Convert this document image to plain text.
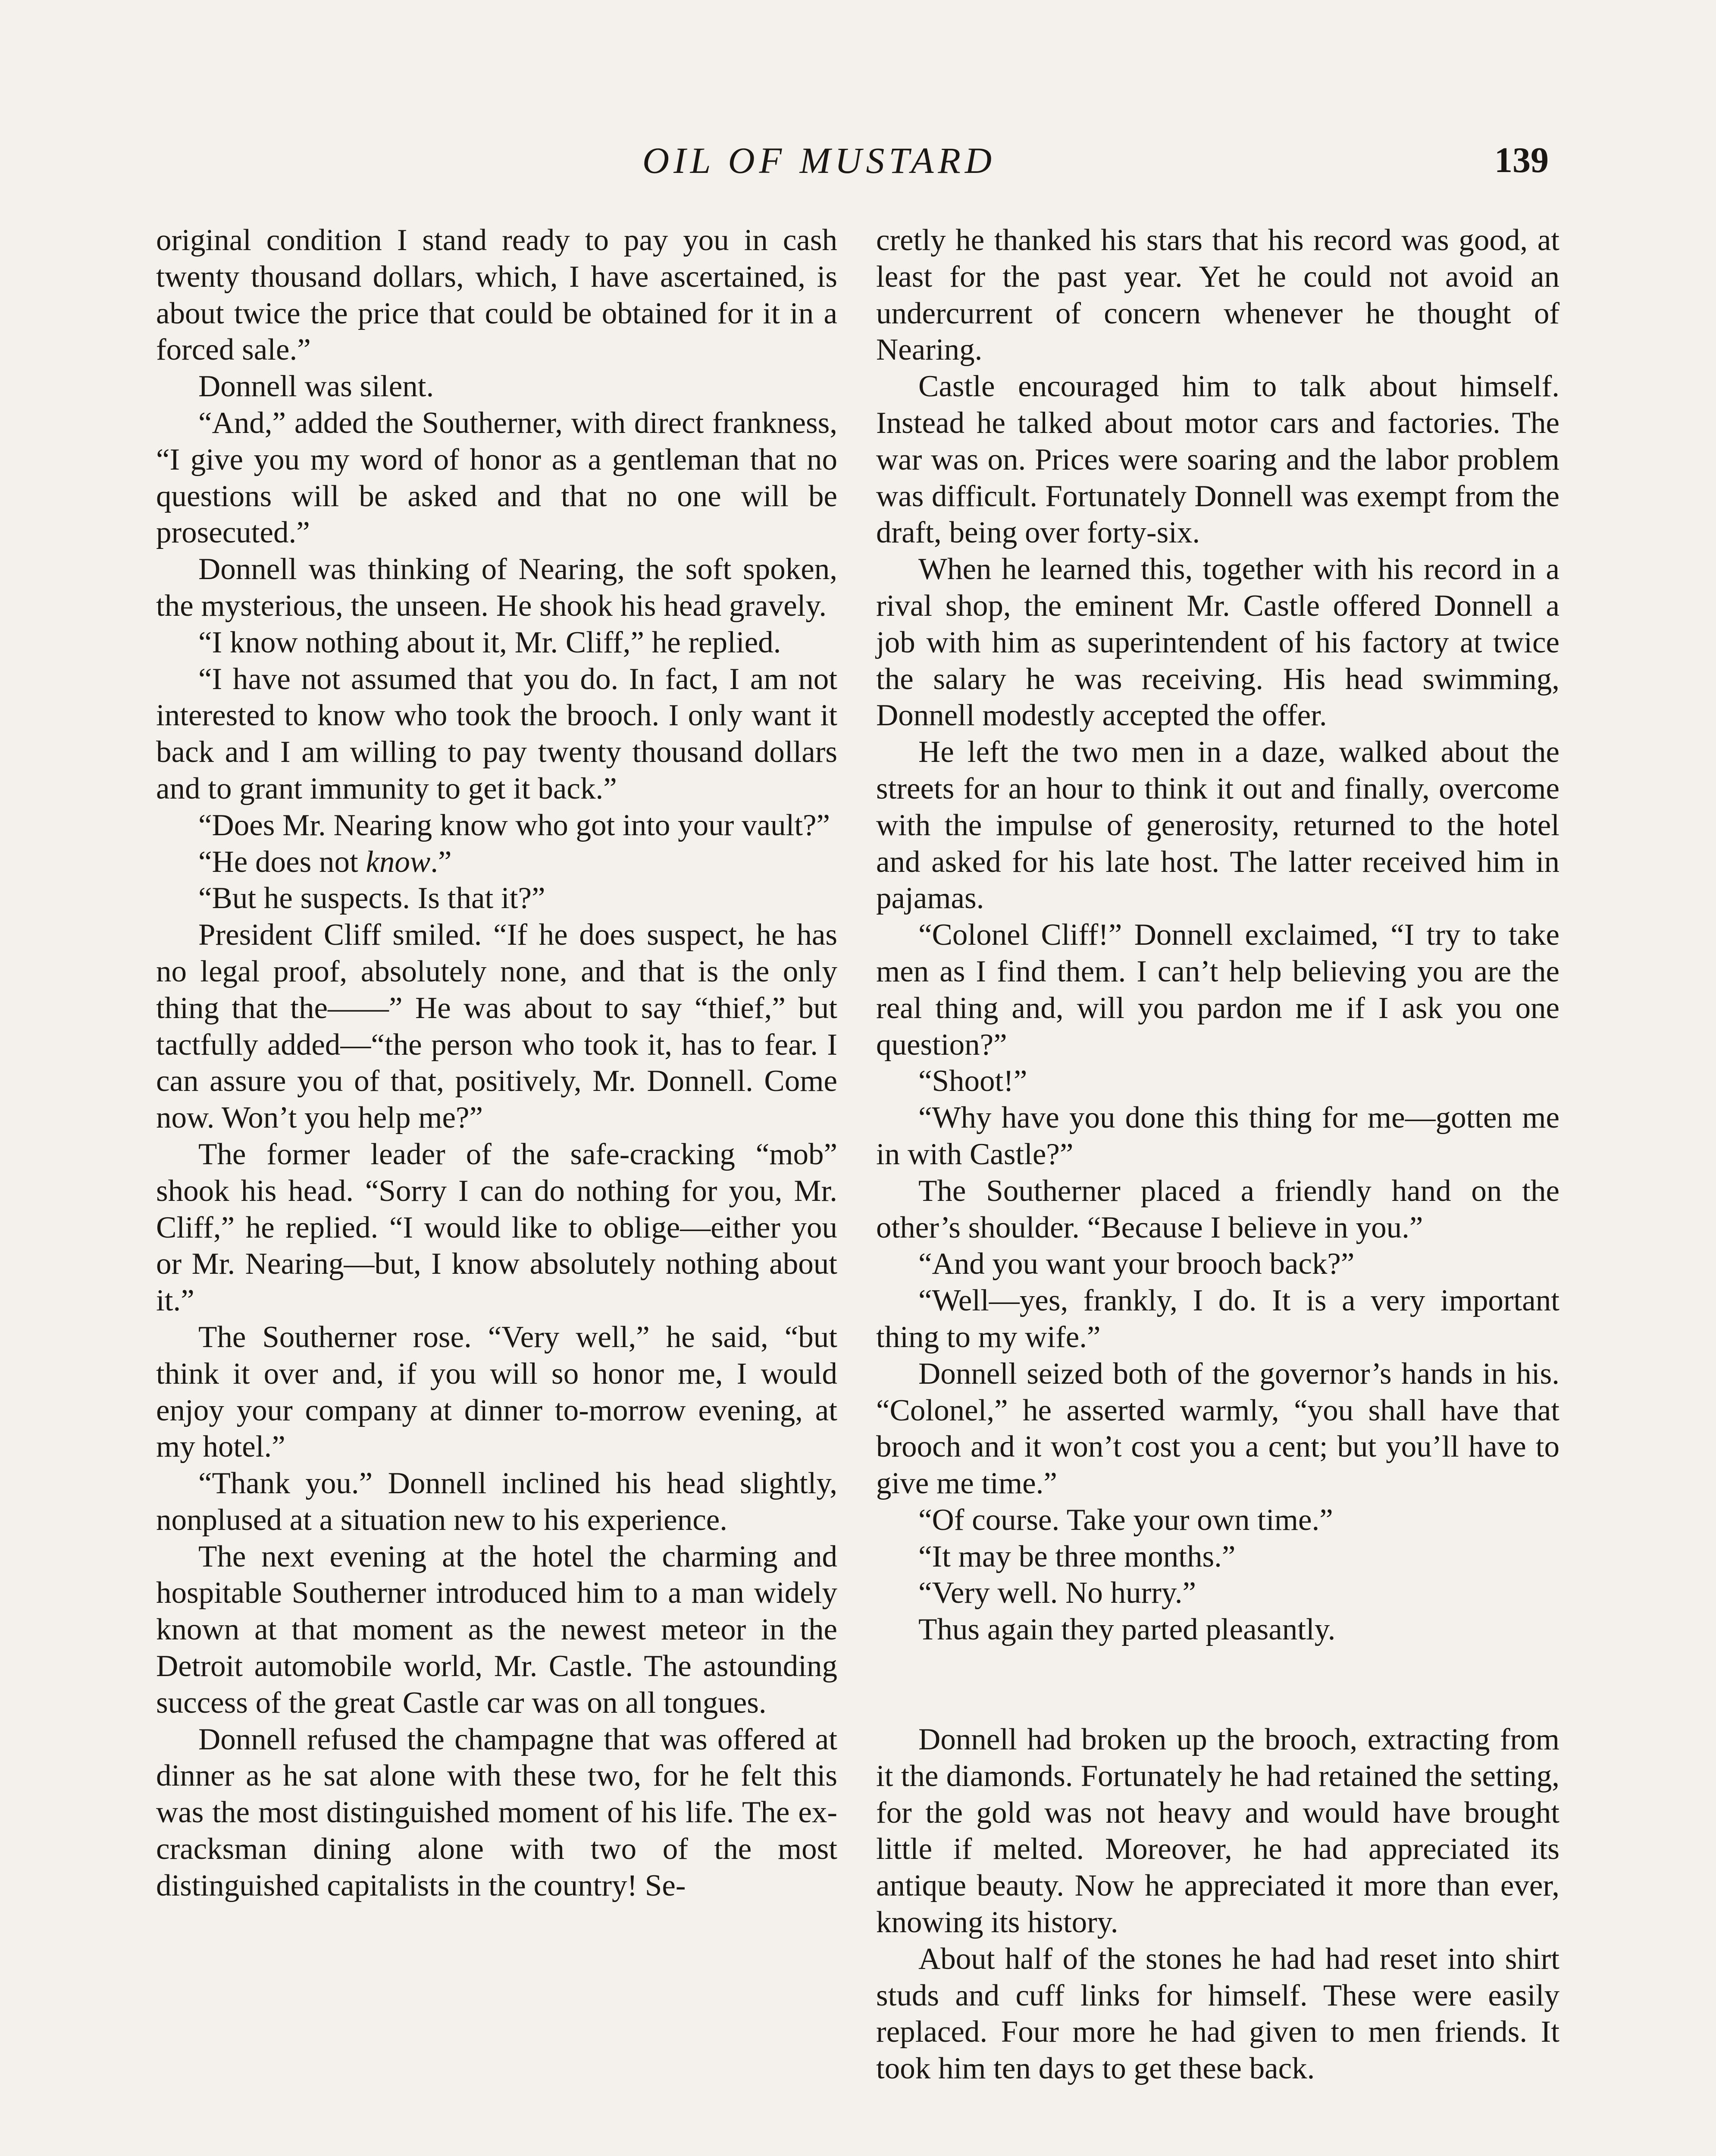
OIL OF MUSTARD	139

original condition I stand ready to pay you in cash twenty thousand dollars, which, I have ascertained, is about twice the price that could be obtained for it in a forced sale.”

Donnell was silent.

“And,” added the Southerner, with direct frankness, “I give you my word of honor as a gentleman that no questions will be asked and that no one will be prosecuted.”

Donnell was thinking of Nearing, the soft spoken, the mysterious, the unseen. He shook his head gravely.

“I know nothing about it, Mr. Cliff,” he replied.

“I have not assumed that you do. In fact, I am not interested to know who took the brooch. I only want it back and I am willing to pay twenty thousand dollars and to grant immunity to get it back.”

“Does Mr. Nearing know who got into your vault?”

“He does not know.”

“But he suspects. Is that it?”

President Cliff smiled. “If he does suspect, he has no legal proof, absolutely none, and that is the only thing that the——” He was about to say “thief,” but tactfully added—“the person who took it, has to fear. I can assure you of that, positively, Mr. Donnell. Come now. Won’t you help me?”

The former leader of the safe-cracking “mob” shook his head. “Sorry I can do nothing for you, Mr. Cliff,” he replied. “I would like to oblige—either you or Mr. Nearing—but, I know absolutely nothing about it.”

The Southerner rose. “Very well,” he said, “but think it over and, if you will so honor me, I would enjoy your company at dinner to-morrow evening, at my hotel.”

“Thank you.” Donnell inclined his head slightly, nonplused at a situation new to his experience.

The next evening at the hotel the charming and hospitable Southerner introduced him to a man widely known at that moment as the newest meteor in the Detroit automobile world, Mr. Castle. The astounding success of the great Castle car was on all tongues.

Donnell refused the champagne that was offered at dinner as he sat alone with these two, for he felt this was the most distinguished moment of his life. The ex-cracksman dining alone with two of the most distinguished capitalists in the country! Se-

cretly he thanked his stars that his record was good, at least for the past year. Yet he could not avoid an undercurrent of concern whenever he thought of Nearing.

Castle encouraged him to talk about himself. Instead he talked about motor cars and factories. The war was on. Prices were soaring and the labor problem was difficult. Fortunately Donnell was exempt from the draft, being over forty-six.

When he learned this, together with his record in a rival shop, the eminent Mr. Castle offered Donnell a job with him as superintendent of his factory at twice the salary he was receiving. His head swimming, Donnell modestly accepted the offer.

He left the two men in a daze, walked about the streets for an hour to think it out and finally, overcome with the impulse of generosity, returned to the hotel and asked for his late host. The latter received him in pajamas.

“Colonel Cliff!” Donnell exclaimed, “I try to take men as I find them. I can’t help believing you are the real thing and, will you pardon me if I ask you one question?”

“Shoot!”

“Why have you done this thing for me—gotten me in with Castle?”

The Southerner placed a friendly hand on the other’s shoulder. “Because I believe in you.”

“And you want your brooch back?”

“Well—yes, frankly, I do. It is a very important thing to my wife.”

Donnell seized both of the governor’s hands in his. “Colonel,” he asserted warmly, “you shall have that brooch and it won’t cost you a cent; but you’ll have to give me time.”

“Of course. Take your own time.”

“It may be three months.”

“Very well. No hurry.”

Thus again they parted pleasantly.

Donnell had broken up the brooch, extracting from it the diamonds. Fortunately he had retained the setting, for the gold was not heavy and would have brought little if melted. Moreover, he had appreciated its antique beauty. Now he appreciated it more than ever, knowing its history.

About half of the stones he had had reset into shirt studs and cuff links for himself. These were easily replaced. Four more he had given to men friends. It took him ten days to get these back.
